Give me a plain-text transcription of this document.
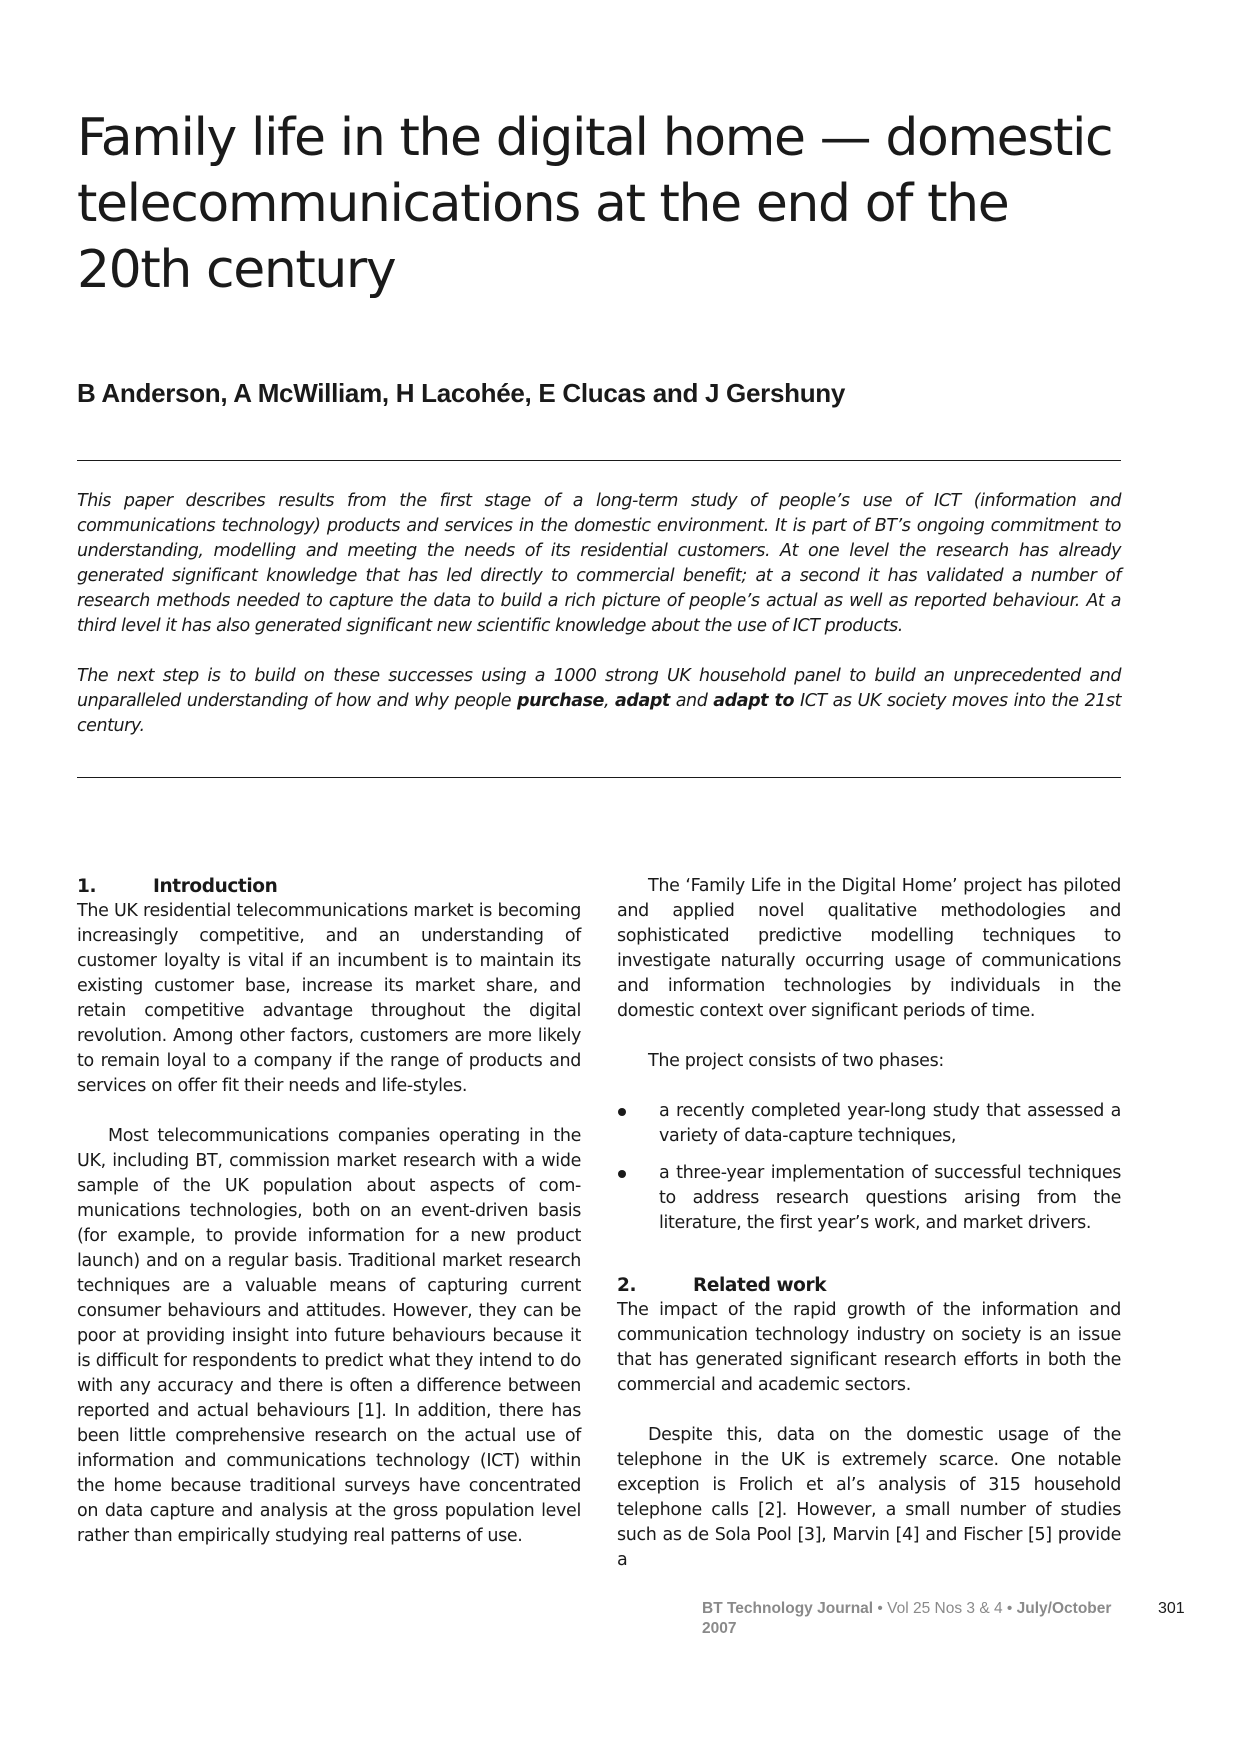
Family life in the digital home — domestic telecommunications at the end of the 20th century
B Anderson, A McWilliam, H Lacohée, E Clucas and J Gershuny

This paper describes results from the first stage of a long-term study of people’s use of ICT (information and communications technology) products and services in the domestic environment. It is part of BT’s ongoing commitment to understanding, modelling and meeting the needs of its residential customers. At one level the research has already generated significant knowledge that has led directly to commercial benefit; at a second it has validated a number of research methods needed to capture the data to build a rich picture of people’s actual as well as reported behaviour. At a third level it has also generated significant new scientific knowledge about the use of ICT products.

The next step is to build on these successes using a 1000 strong UK household panel to build an unprecedented and unparalleled understanding of how and why people purchase, adapt and adapt to ICT as UK society moves into the 21st century.

1.	Introduction

The UK residential telecommunications market is becoming increasingly competitive, and an understanding of customer loyalty is vital if an incumbent is to maintain its existing customer base, increase its market share, and retain competitive advantage throughout the digital revolution. Among other factors, customers are more likely to remain loyal to a company if the range of products and services on offer fit their needs and life-styles.

Most telecommunications companies operating in the UK, including BT, commission market research with a wide sample of the UK population about aspects of com- munications technologies, both on an event-driven basis (for example, to provide information for a new product launch) and on a regular basis. Traditional market research techniques are a valuable means of capturing current consumer behaviours and attitudes. However, they can be poor at providing insight into future behaviours because it is difficult for respondents to predict what they intend to do with any accuracy and there is often a difference between reported and actual behaviours [1]. In addition, there has been little comprehensive research on the actual use of information and communications technology (ICT) within the home because traditional surveys have concentrated on data capture and analysis at the gross population level rather than empirically studying real patterns of use.

The ‘Family Life in the Digital Home’ project has piloted and applied novel qualitative methodologies and sophisticated predictive modelling techniques to investigate naturally occurring usage of communications and information technologies by individuals in the domestic context over significant periods of time.

The project consists of two phases:

a recently completed year-long study that assessed a variety of data-capture techniques,

a three-year implementation of successful techniques to address research questions arising from the literature, the first year’s work, and market drivers.

2.	Related work

The impact of the rapid growth of the information and communication technology industry on society is an issue that has generated significant research efforts in both the commercial and academic sectors.

Despite this, data on the domestic usage of the telephone in the UK is extremely scarce. One notable exception is Frolich et al’s analysis of 315 household telephone calls [2]. However, a small number of studies such as de Sola Pool [3], Marvin [4] and Fischer [5] provide a

BT Technology Journal • Vol 25 Nos 3 & 4 • July/October 2007
301
